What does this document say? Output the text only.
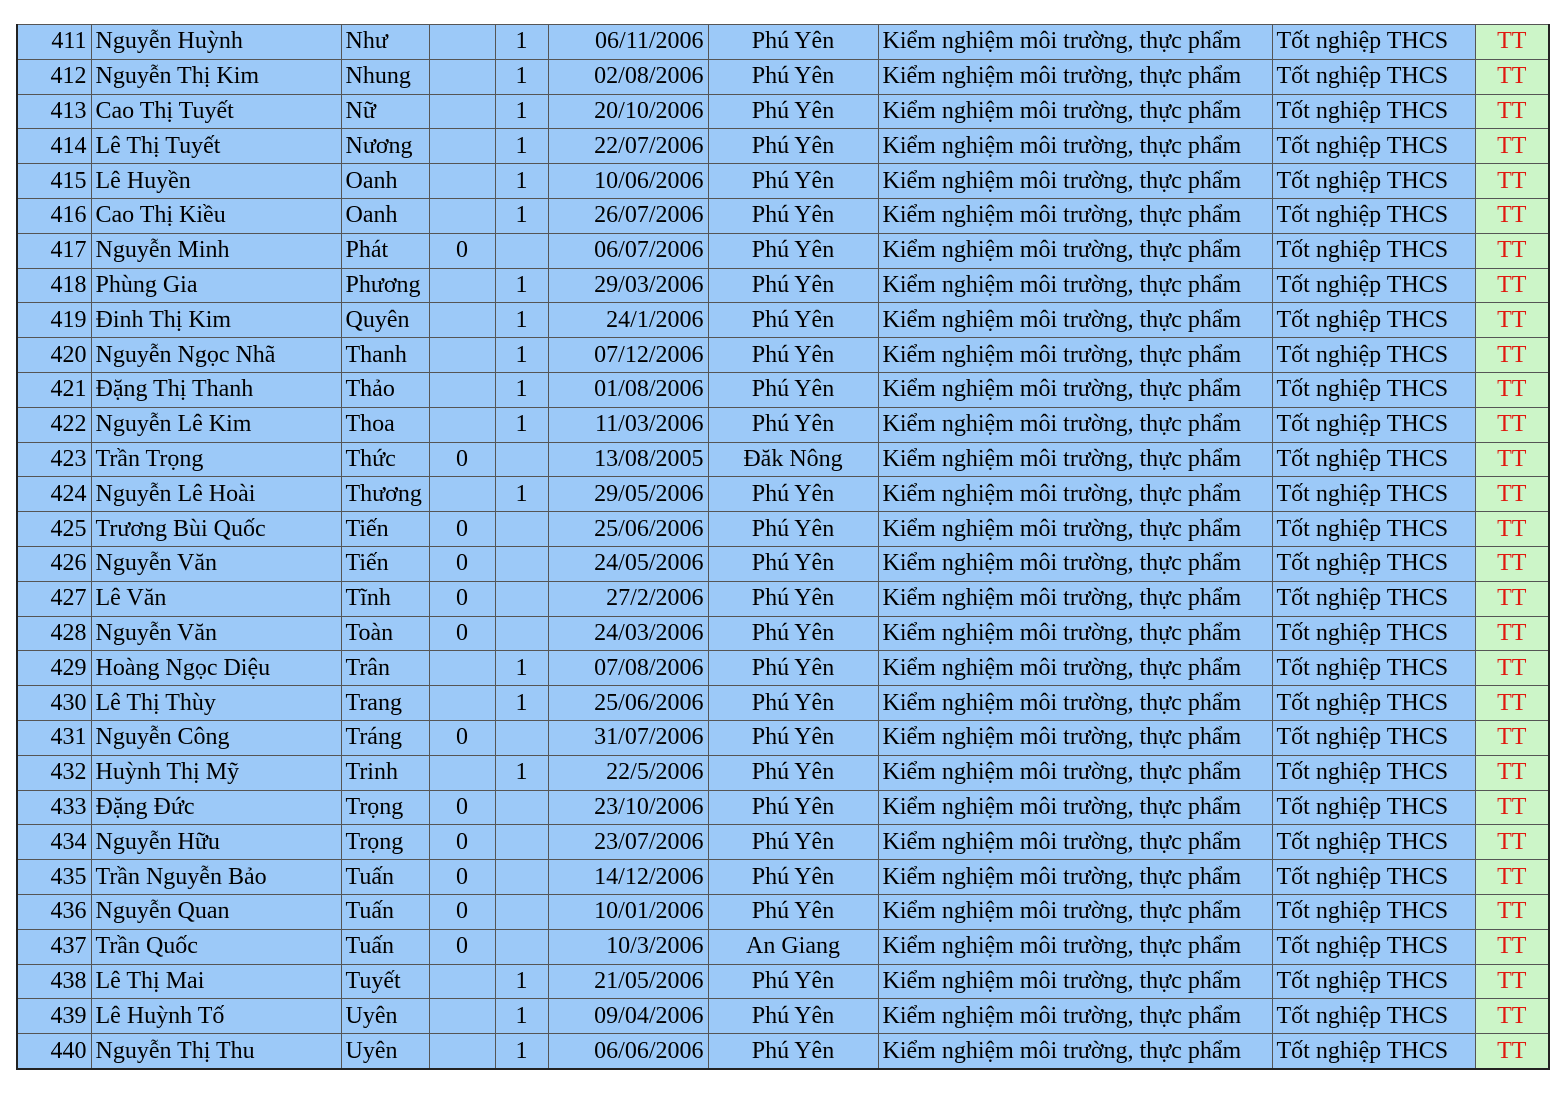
411	Nguyễn Huỳnh	Như		1	06/11/2006	Phú Yên	Kiểm nghiệm môi trường, thực phẩm	Tốt nghiệp THCS	TT
412	Nguyễn Thị Kim	Nhung		1	02/08/2006	Phú Yên	Kiểm nghiệm môi trường, thực phẩm	Tốt nghiệp THCS	TT
413	Cao Thị Tuyết	Nữ		1	20/10/2006	Phú Yên	Kiểm nghiệm môi trường, thực phẩm	Tốt nghiệp THCS	TT
414	Lê Thị Tuyết	Nương		1	22/07/2006	Phú Yên	Kiểm nghiệm môi trường, thực phẩm	Tốt nghiệp THCS	TT
415	Lê Huyền	Oanh		1	10/06/2006	Phú Yên	Kiểm nghiệm môi trường, thực phẩm	Tốt nghiệp THCS	TT
416	Cao Thị Kiều	Oanh		1	26/07/2006	Phú Yên	Kiểm nghiệm môi trường, thực phẩm	Tốt nghiệp THCS	TT
417	Nguyễn Minh	Phát	0		06/07/2006	Phú Yên	Kiểm nghiệm môi trường, thực phẩm	Tốt nghiệp THCS	TT
418	Phùng Gia	Phương		1	29/03/2006	Phú Yên	Kiểm nghiệm môi trường, thực phẩm	Tốt nghiệp THCS	TT
419	Đinh Thị Kim	Quyên		1	24/1/2006	Phú Yên	Kiểm nghiệm môi trường, thực phẩm	Tốt nghiệp THCS	TT
420	Nguyễn Ngọc Nhã	Thanh		1	07/12/2006	Phú Yên	Kiểm nghiệm môi trường, thực phẩm	Tốt nghiệp THCS	TT
421	Đặng Thị Thanh	Thảo		1	01/08/2006	Phú Yên	Kiểm nghiệm môi trường, thực phẩm	Tốt nghiệp THCS	TT
422	Nguyễn Lê Kim	Thoa		1	11/03/2006	Phú Yên	Kiểm nghiệm môi trường, thực phẩm	Tốt nghiệp THCS	TT
423	Trần Trọng	Thức	0		13/08/2005	Đăk Nông	Kiểm nghiệm môi trường, thực phẩm	Tốt nghiệp THCS	TT
424	Nguyễn Lê Hoài	Thương		1	29/05/2006	Phú Yên	Kiểm nghiệm môi trường, thực phẩm	Tốt nghiệp THCS	TT
425	Trương Bùi Quốc	Tiến	0		25/06/2006	Phú Yên	Kiểm nghiệm môi trường, thực phẩm	Tốt nghiệp THCS	TT
426	Nguyễn Văn	Tiến	0		24/05/2006	Phú Yên	Kiểm nghiệm môi trường, thực phẩm	Tốt nghiệp THCS	TT
427	Lê Văn	Tĩnh	0		27/2/2006	Phú Yên	Kiểm nghiệm môi trường, thực phẩm	Tốt nghiệp THCS	TT
428	Nguyễn Văn	Toàn	0		24/03/2006	Phú Yên	Kiểm nghiệm môi trường, thực phẩm	Tốt nghiệp THCS	TT
429	Hoàng Ngọc Diệu	Trân		1	07/08/2006	Phú Yên	Kiểm nghiệm môi trường, thực phẩm	Tốt nghiệp THCS	TT
430	Lê Thị Thùy	Trang		1	25/06/2006	Phú Yên	Kiểm nghiệm môi trường, thực phẩm	Tốt nghiệp THCS	TT
431	Nguyễn Công	Tráng	0		31/07/2006	Phú Yên	Kiểm nghiệm môi trường, thực phẩm	Tốt nghiệp THCS	TT
432	Huỳnh Thị Mỹ	Trinh		1	22/5/2006	Phú Yên	Kiểm nghiệm môi trường, thực phẩm	Tốt nghiệp THCS	TT
433	Đặng Đức	Trọng	0		23/10/2006	Phú Yên	Kiểm nghiệm môi trường, thực phẩm	Tốt nghiệp THCS	TT
434	Nguyễn Hữu	Trọng	0		23/07/2006	Phú Yên	Kiểm nghiệm môi trường, thực phẩm	Tốt nghiệp THCS	TT
435	Trần Nguyễn Bảo	Tuấn	0		14/12/2006	Phú Yên	Kiểm nghiệm môi trường, thực phẩm	Tốt nghiệp THCS	TT
436	Nguyễn Quan	Tuấn	0		10/01/2006	Phú Yên	Kiểm nghiệm môi trường, thực phẩm	Tốt nghiệp THCS	TT
437	Trần Quốc	Tuấn	0		10/3/2006	An Giang	Kiểm nghiệm môi trường, thực phẩm	Tốt nghiệp THCS	TT
438	Lê Thị Mai	Tuyết		1	21/05/2006	Phú Yên	Kiểm nghiệm môi trường, thực phẩm	Tốt nghiệp THCS	TT
439	Lê Huỳnh Tố	Uyên		1	09/04/2006	Phú Yên	Kiểm nghiệm môi trường, thực phẩm	Tốt nghiệp THCS	TT
440	Nguyễn Thị Thu	Uyên		1	06/06/2006	Phú Yên	Kiểm nghiệm môi trường, thực phẩm	Tốt nghiệp THCS	TT
